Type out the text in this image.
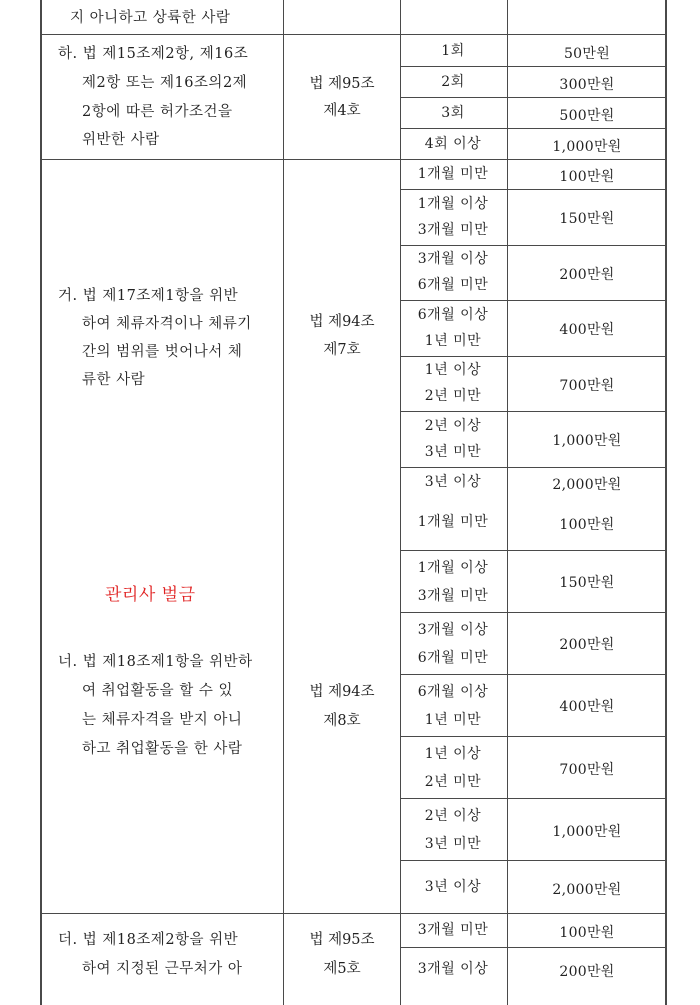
지 아니하고 상륙한 사람
하. 법 제15조제2항, 제16조
제2항 또는 제16조의2제
2항에 따른 허가조건을
위반한 사람
법 제95조
제4호
1회
2회
3회
4회 이상
50만원
300만원
500만원
1,000만원
거. 법 제17조제1항을 위반
하여 체류자격이나 체류기
간의 범위를 벗어나서 체
류한 사람
법 제94조
제7호
1개월 미만
1개월 이상
3개월 미만
3개월 이상
6개월 미만
6개월 이상
1년 미만
1년 이상
2년 미만
2년 이상
3년 미만
3년 이상
100만원
150만원
200만원
400만원
700만원
1,000만원
2,000만원
너. 법 제18조제1항을 위반하
여 취업활동을 할 수 있
는 체류자격을 받지 아니
하고 취업활동을 한 사람
법 제94조
제8호
1개월 미만
1개월 이상
3개월 미만
3개월 이상
6개월 미만
6개월 이상
1년 미만
1년 이상
2년 미만
2년 이상
3년 미만
3년 이상
100만원
150만원
200만원
400만원
700만원
1,000만원
2,000만원
더. 법 제18조제2항을 위반
하여 지정된 근무처가 아
법 제95조
제5호
3개월 미만
3개월 이상
100만원
200만원
관리사 벌금
